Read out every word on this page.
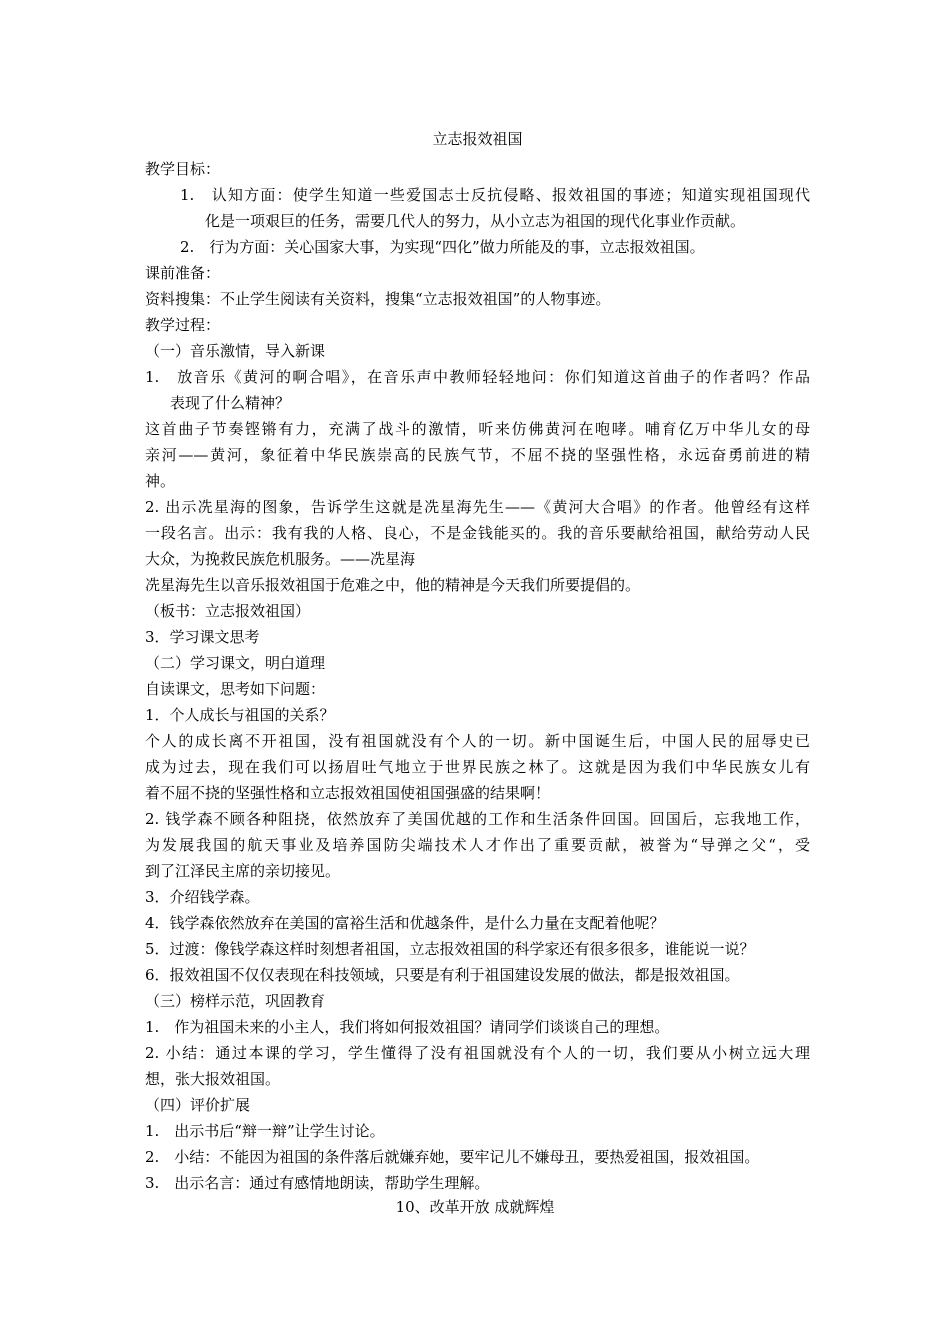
立志报效祖国
教学目标：
1.　认知方面：使学生知道一些爱国志士反抗侵略、报效祖国的事迹；知道实现祖国现代
化是一项艰巨的任务，需要几代人的努力，从小立志为祖国的现代化事业作贡献。
2.　行为方面：关心国家大事，为实现“四化”做力所能及的事，立志报效祖国。
课前准备：
资料搜集：不止学生阅读有关资料，搜集“立志报效祖国”的人物事迹。
教学过程：
（一）音乐激情，导入新课
1.　放音乐《黄河的啊合唱》，在音乐声中教师轻轻地问：你们知道这首曲子的作者吗？作品
表现了什么精神？
这首曲子节奏铿锵有力，充满了战斗的激情，听来仿佛黄河在咆哮。哺育亿万中华儿女的母
亲河——黄河，象征着中华民族崇高的民族气节，不屈不挠的坚强性格，永远奋勇前进的精
神。
2. 出示冼星海的图象，告诉学生这就是冼星海先生——《黄河大合唱》的作者。他曾经有这样
一段名言。出示：我有我的人格、良心，不是金钱能买的。我的音乐要献给祖国，献给劳动人民
大众，为挽救民族危机服务。——冼星海
冼星海先生以音乐报效祖国于危难之中，他的精神是今天我们所要提倡的。
（板书：立志报效祖国）
3．学习课文思考
（二）学习课文，明白道理
自读课文，思考如下问题：
1．个人成长与祖国的关系？
个人的成长离不开祖国，没有祖国就没有个人的一切。新中国诞生后，中国人民的屈辱史已
成为过去，现在我们可以扬眉吐气地立于世界民族之林了。这就是因为我们中华民族女儿有
着不屈不挠的坚强性格和立志报效祖国使祖国强盛的结果啊！
2. 钱学森不顾各种阻挠，依然放弃了美国优越的工作和生活条件回国。回国后，忘我地工作，
为发展我国的航天事业及培养国防尖端技术人才作出了重要贡献，被誉为“导弹之父“，受
到了江泽民主席的亲切接见。
3．介绍钱学森。
4．钱学森依然放弃在美国的富裕生活和优越条件，是什么力量在支配着他呢？
5．过渡：像钱学森这样时刻想者祖国，立志报效祖国的科学家还有很多很多，谁能说一说？
6．报效祖国不仅仅表现在科技领域，只要是有利于祖国建设发展的做法，都是报效祖国。
（三）榜样示范，巩固教育
1.　作为祖国未来的小主人，我们将如何报效祖国？请同学们谈谈自己的理想。
2. 小结：通过本课的学习，学生懂得了没有祖国就没有个人的一切，我们要从小树立远大理
想，张大报效祖国。
（四）评价扩展
1.　出示书后“辩一辩”让学生讨论。
2.　小结：不能因为祖国的条件落后就嫌弃她，要牢记儿不嫌母丑，要热爱祖国，报效祖国。
3.　出示名言：通过有感情地朗读，帮助学生理解。
10、改革开放 成就辉煌
